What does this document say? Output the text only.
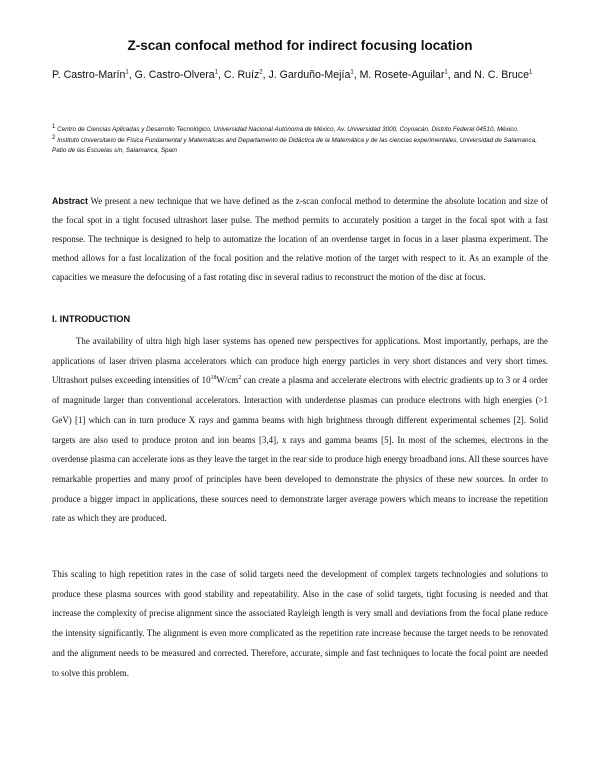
Z-scan confocal method for indirect focusing location
P. Castro-Marín$^1$, G. Castro-Olvera$^1$, C. Ruíz$^2$, J. Garduño-Mejía$^1$, M. Rosete-Aguilar$^1$, and N. C. Bruce$^1$

$^1$ Centro de Ciencias Aplicadas y Desarrollo Tecnológico, Universidad Nacional Autónoma de México, Av. Universidad 3000, Coyoacán, Distrito Federal 04510, México.

$^2$ Instituto Universitario de Física Fundamental y Matemáticas and Departamento de Didáctica de la Matemática y de las ciencias experimentales, Universidad de Salamanca, Patio de las Escuelas s/n, Salamanca, Spain

Abstract We present a new technique that we have defined as the z-scan confocal method to determine the absolute location and size of the focal spot in a tight focused ultrashort laser pulse. The method permits to accurately position a target in the focal spot with a fast response. The technique is designed to help to automatize the location of an overdense target in focus in a laser plasma experiment. The method allows for a fast localization of the focal position and the relative motion of the target with respect to it. As an example of the capacities we measure the defocusing of a fast rotating disc in several radius to reconstruct the motion of the disc at focus.
I. INTRODUCTION

The availability of ultra high high laser systems has opened new perspectives for applications. Most importantly, perhaps, are the applications of laser driven plasma accelerators which can produce high energy particles in very short distances and very short times. Ultrashort pulses exceeding intensities of $10^{18}W/cm^2$ can create a plasma and accelerate electrons with electric gradients up to 3 or 4 order of magnitude larger than conventional accelerators. Interaction with underdense plasmas can produce electrons with high energies (>1 GeV) [1] which can in turn produce X rays and gamma beams with high brightness through different experimental schemes [2]. Solid targets are also used to produce proton and ion beams [3,4], x rays and gamma beams [5]. In most of the schemes, electrons in the overdense plasma can accelerate ions as they leave the target in the rear side to produce high energy broadband ions. All these sources have remarkable properties and many proof of principles have been developed to demonstrate the physics of these new sources. In order to produce a bigger impact in applications, these sources need to demonstrate larger average powers which means to increase the repetition rate as which they are produced.

This scaling to high repetition rates in the case of solid targets need the development of complex targets technologies and solutions to produce these plasma sources with good stability and repeatability. Also in the case of solid targets, tight focusing is needed and that increase the complexity of precise alignment since the associated Rayleigh length is very small and deviations from the focal plane reduce the intensity significantly. The alignment is even more complicated as the repetition rate increase because the target needs to be renovated and the alignment needs to be measured and corrected. Therefore, accurate, simple and fast techniques to locate the focal point are needed to solve this problem.
